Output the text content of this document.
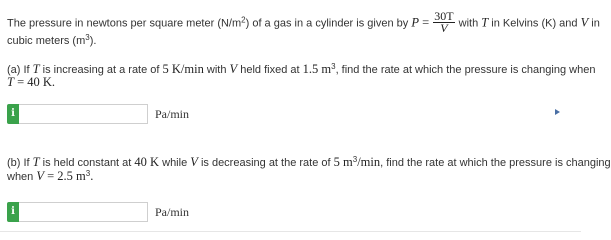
The pressure in newtons per square meter $(N/m^2)$ of a gas in a cylinder is given by $P = \frac{30T}{V}$ with T in Kelvins (K) and V in
cubic meters $(m^3)$.
(a) If T is increasing at a rate of 5 K/min with V held fixed at 1.5 $m^3$, find the rate at which the pressure is changing when
T = 40 K.
i	Pa/min
(b) If T is held constant at 40 K while V is decreasing at the rate of 5 $m^3/\min$, find the rate at which the pressure is changing
when V = 2.5 $m^3$.
i	Pa/min
